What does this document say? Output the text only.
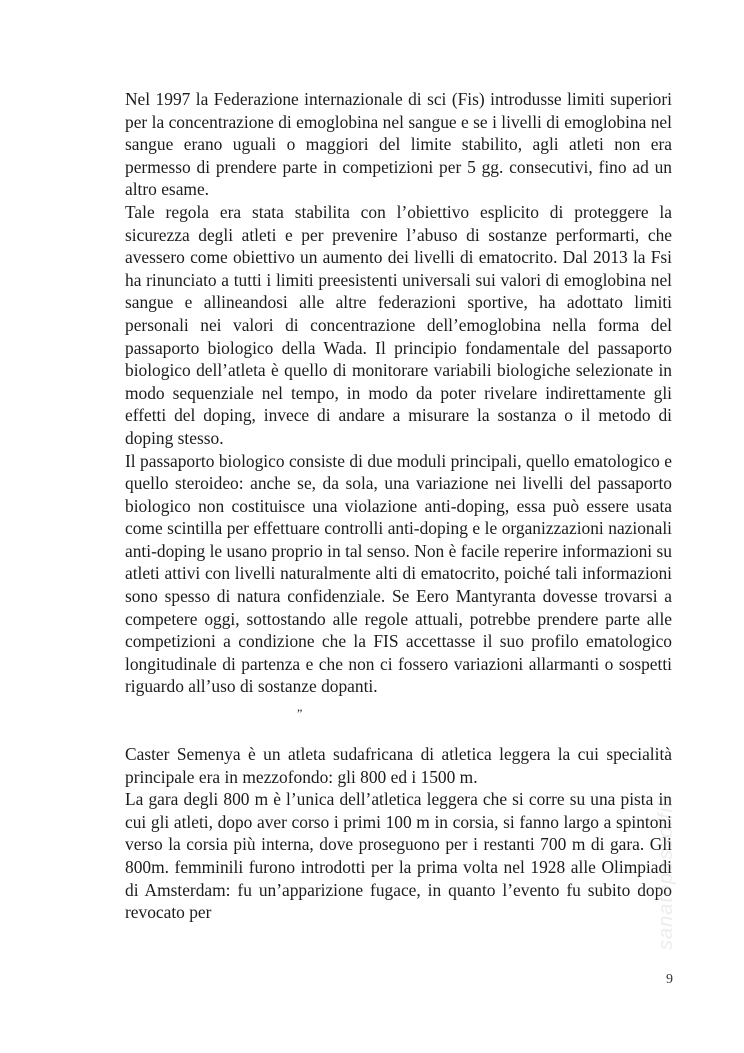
Nel 1997 la Federazione internazionale di sci (Fis) introdusse limiti superiori per la concentrazione di emoglobina nel sangue e se i livelli di emoglobina nel sangue erano uguali o maggiori del limite stabilito, agli atleti non era permesso di prendere parte in competizioni per 5 gg. consecutivi, fino ad un altro esame.

Tale regola era stata stabilita con l’obiettivo esplicito di proteggere la sicurezza degli atleti e per prevenire l’abuso di sostanze performarti, che avessero come obiettivo un aumento dei livelli di ematocrito. Dal 2013 la Fsi ha rinunciato a tutti i limiti preesistenti universali sui valori di emoglobina nel sangue e allineandosi alle altre federazioni sportive, ha adottato limiti personali nei valori di concentrazione dell’emoglobina nella forma del passaporto biologico della Wada. Il principio fondamentale del passaporto biologico dell’atleta è quello di monitorare variabili biologiche selezionate in modo sequenziale nel tempo, in modo da poter rivelare indirettamente gli effetti del doping, invece di andare a misurare la sostanza o il metodo di doping stesso.

Il passaporto biologico consiste di due moduli principali, quello ematologico e quello steroideo: anche se, da sola, una variazione nei livelli del passaporto biologico non costituisce una violazione anti-doping, essa può essere usata come scintilla per effettuare controlli anti-doping e le organizzazioni nazionali anti-doping le usano proprio in tal senso. Non è facile reperire informazioni su atleti attivi con livelli naturalmente alti di ematocrito, poiché tali informazioni sono spesso di natura confidenziale. Se Eero Mantyranta dovesse trovarsi a competere oggi, sottostando alle regole attuali, potrebbe prendere parte alle competizioni a condizione che la FIS accettasse il suo profilo ematologico longitudinale di partenza e che non ci fossero variazioni allarmanti o sospetti riguardo all’uso di sostanze dopanti.

”

Caster Semenya è un atleta sudafricana di atletica leggera la cui specialità principale era in mezzofondo: gli 800 ed i 1500 m.

La gara degli 800 m è l’unica dell’atletica leggera che si corre su una pista in cui gli atleti, dopo aver corso i primi 100 m in corsia, si fanno largo a spintoni verso la corsia più interna, dove proseguono per i restanti 700 m di gara. Gli 800m. femminili furono introdotti per la prima volta nel 1928 alle Olimpiadi di Amsterdam: fu un’apparizione fugace, in quanto l’evento fu subito dopo revocato per	sanatopessoffili
9
